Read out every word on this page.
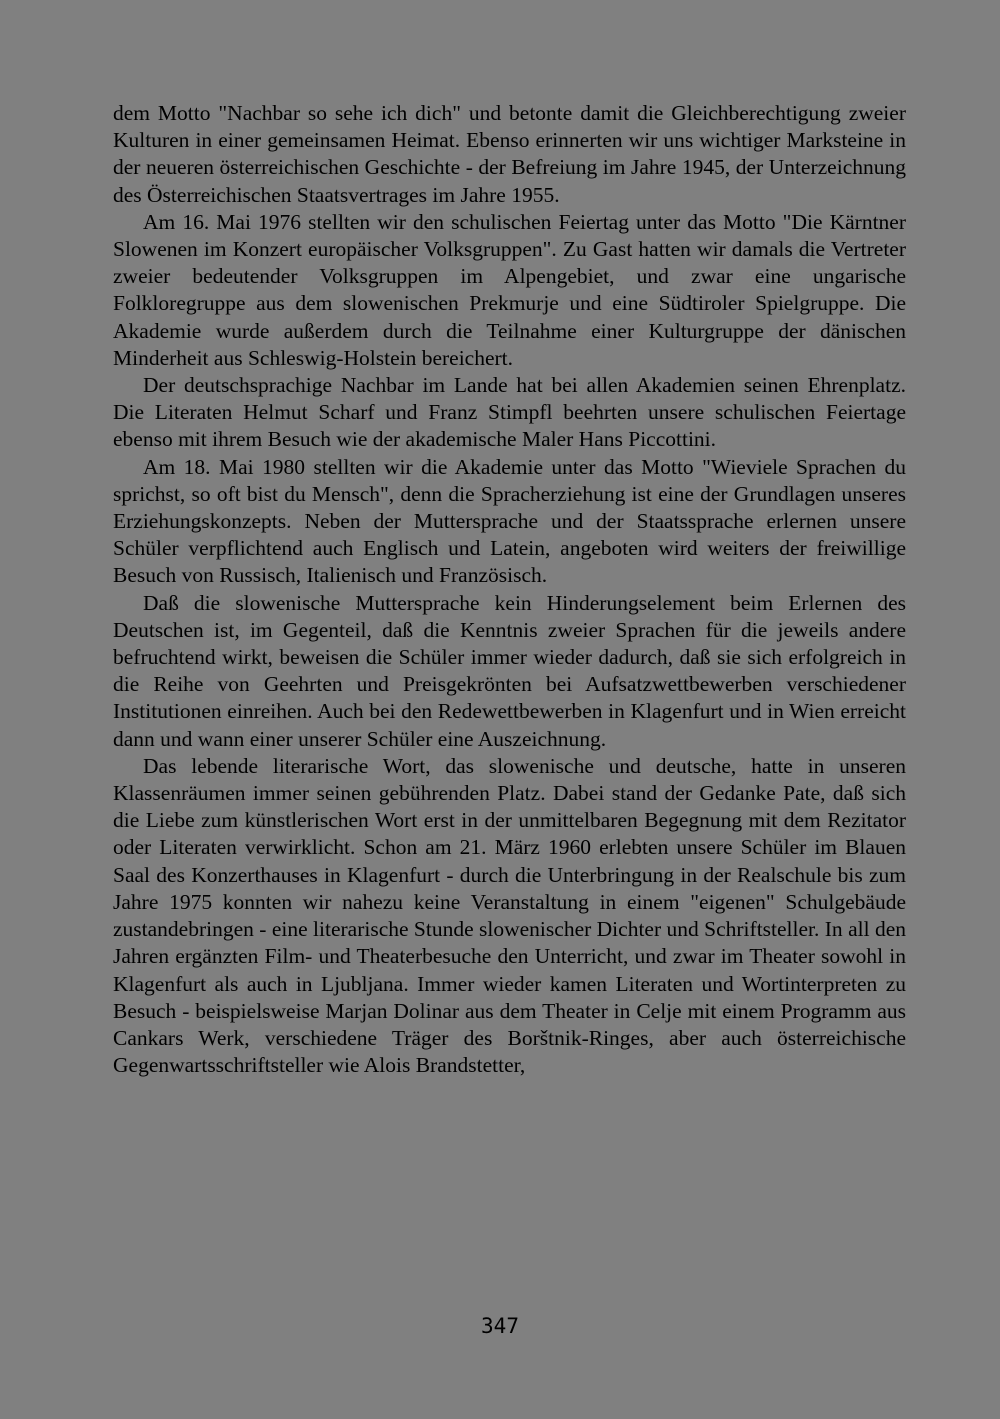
dem Motto "Nachbar so sehe ich dich" und betonte damit die Gleichberechtigung zweier Kulturen in einer gemeinsamen Heimat. Ebenso erinnerten wir uns wichtiger Marksteine in der neueren österreichischen Geschichte - der Befreiung im Jahre 1945, der Unterzeichnung des Österreichischen Staatsvertrages im Jahre 1955.

Am 16. Mai 1976 stellten wir den schulischen Feiertag unter das Motto "Die Kärntner Slowenen im Konzert europäischer Volksgruppen". Zu Gast hatten wir damals die Vertreter zweier bedeutender Volksgruppen im Alpengebiet, und zwar eine ungarische Folkloregruppe aus dem slowenischen Prekmurje und eine Südtiroler Spielgruppe. Die Akademie wurde außerdem durch die Teilnahme einer Kulturgruppe der dänischen Minderheit aus Schleswig-Holstein bereichert.

Der deutschsprachige Nachbar im Lande hat bei allen Akademien seinen Ehrenplatz. Die Literaten Helmut Scharf und Franz Stimpfl beehrten unsere schulischen Feiertage ebenso mit ihrem Besuch wie der akademische Maler Hans Piccottini.

Am 18. Mai 1980 stellten wir die Akademie unter das Motto "Wieviele Sprachen du sprichst, so oft bist du Mensch", denn die Spracherziehung ist eine der Grundlagen unseres Erziehungskonzepts. Neben der Muttersprache und der Staatssprache erlernen unsere Schüler verpflichtend auch Englisch und Latein, angeboten wird weiters der freiwillige Besuch von Russisch, Italienisch und Französisch.

Daß die slowenische Muttersprache kein Hinderungselement beim Erlernen des Deutschen ist, im Gegenteil, daß die Kenntnis zweier Sprachen für die jeweils andere befruchtend wirkt, beweisen die Schüler immer wieder dadurch, daß sie sich erfolgreich in die Reihe von Geehrten und Preisgekrönten bei Aufsatzwettbewerben verschiedener Institutionen einreihen. Auch bei den Redewettbewerben in Klagenfurt und in Wien erreicht dann und wann einer unserer Schüler eine Auszeichnung.

Das lebende literarische Wort, das slowenische und deutsche, hatte in unseren Klassenräumen immer seinen gebührenden Platz. Dabei stand der Gedanke Pate, daß sich die Liebe zum künstlerischen Wort erst in der unmittelbaren Begegnung mit dem Rezitator oder Literaten verwirklicht. Schon am 21. März 1960 erlebten unsere Schüler im Blauen Saal des Konzerthauses in Klagenfurt - durch die Unterbringung in der Realschule bis zum Jahre 1975 konnten wir nahezu keine Veranstaltung in einem "eigenen" Schulgebäude zustandebringen - eine literarische Stunde slowenischer Dichter und Schriftsteller. In all den Jahren ergänzten Film- und Theaterbesuche den Unterricht, und zwar im Theater sowohl in Klagenfurt als auch in Ljubljana. Immer wieder kamen Literaten und Wortinterpreten zu Besuch - beispielsweise Marjan Dolinar aus dem Theater in Celje mit einem Programm aus Cankars Werk, verschiedene Träger des Borštnik-Ringes, aber auch österreichische Gegenwartsschriftsteller wie Alois Brandstetter,

347
